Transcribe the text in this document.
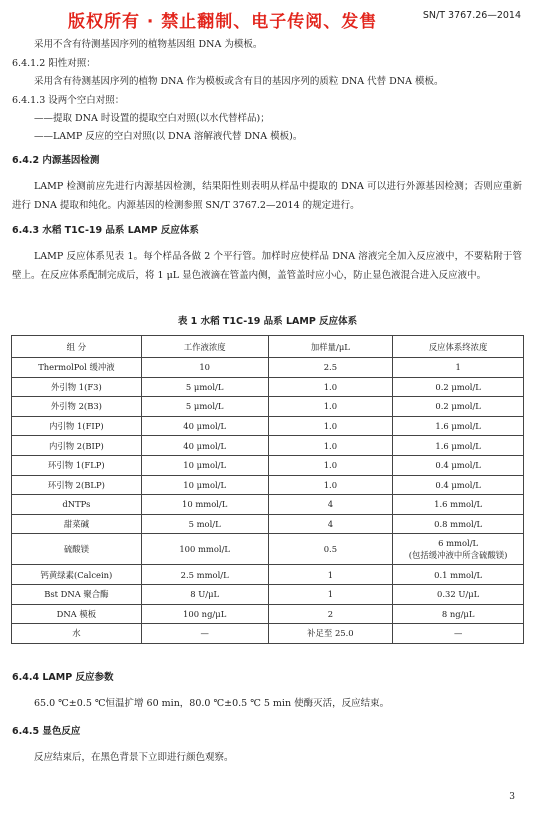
版权所有 · 禁止翻制、电子传阅、发售	SN/T 3767.26—2014
采用不含有待测基因序列的植物基因组 DNA 为模板。
6.4.1.2 阳性对照：
采用含有待测基因序列的植物 DNA 作为模板或含有目的基因序列的质粒 DNA 代替 DNA 模板。
6.4.1.3 设两个空白对照：
——提取 DNA 时设置的提取空白对照(以水代替样品)；
——LAMP 反应的空白对照(以 DNA 溶解液代替 DNA 模板)。
6.4.2 内源基因检测
LAMP 检测前应先进行内源基因检测，结果阳性则表明从样品中提取的 DNA 可以进行外源基因检测；否则应重新进行 DNA 提取和纯化。内源基因的检测参照 SN/T 3767.2—2014 的规定进行。
6.4.3 水稻 T1C-19 品系 LAMP 反应体系
LAMP 反应体系见表 1。每个样品各做 2 个平行管。加样时应使样品 DNA 溶液完全加入反应液中，不要粘附于管壁上。在反应体系配制完成后，将 1 μL 显色液滴在管盖内侧，盖管盖时应小心，防止显色液混合进入反应液中。
表 1 水稻 T1C-19 品系 LAMP 反应体系
组 分	工作液浓度	加样量/μL	反应体系终浓度
ThermolPol 缓冲液	10	2.5	1
外引物 1(F3)	5 μmol/L	1.0	0.2 μmol/L
外引物 2(B3)	5 μmol/L	1.0	0.2 μmol/L
内引物 1(FIP)	40 μmol/L	1.0	1.6 μmol/L
内引物 2(BIP)	40 μmol/L	1.0	1.6 μmol/L
环引物 1(FLP)	10 μmol/L	1.0	0.4 μmol/L
环引物 2(BLP)	10 μmol/L	1.0	0.4 μmol/L
dNTPs	10 mmol/L	4	1.6 mmol/L
甜菜碱	5 mol/L	4	0.8 mmol/L
硫酸镁	100 mmol/L	0.5	6 mmol/L
(包括缓冲液中所含硫酸镁)
钙黄绿素(Calcein)	2.5 mmol/L	1	0.1 mmol/L
Bst DNA 聚合酶	8 U/μL	1	0.32 U/μL
DNA 模板	100 ng/μL	2	8 ng/μL
水	—	补足至 25.0	—
6.4.4 LAMP 反应参数
65.0 ℃±0.5 ℃恒温扩增 60 min，80.0 ℃±0.5 ℃ 5 min 使酶灭活，反应结束。
6.4.5 显色反应
反应结束后，在黑色背景下立即进行颜色观察。
3
